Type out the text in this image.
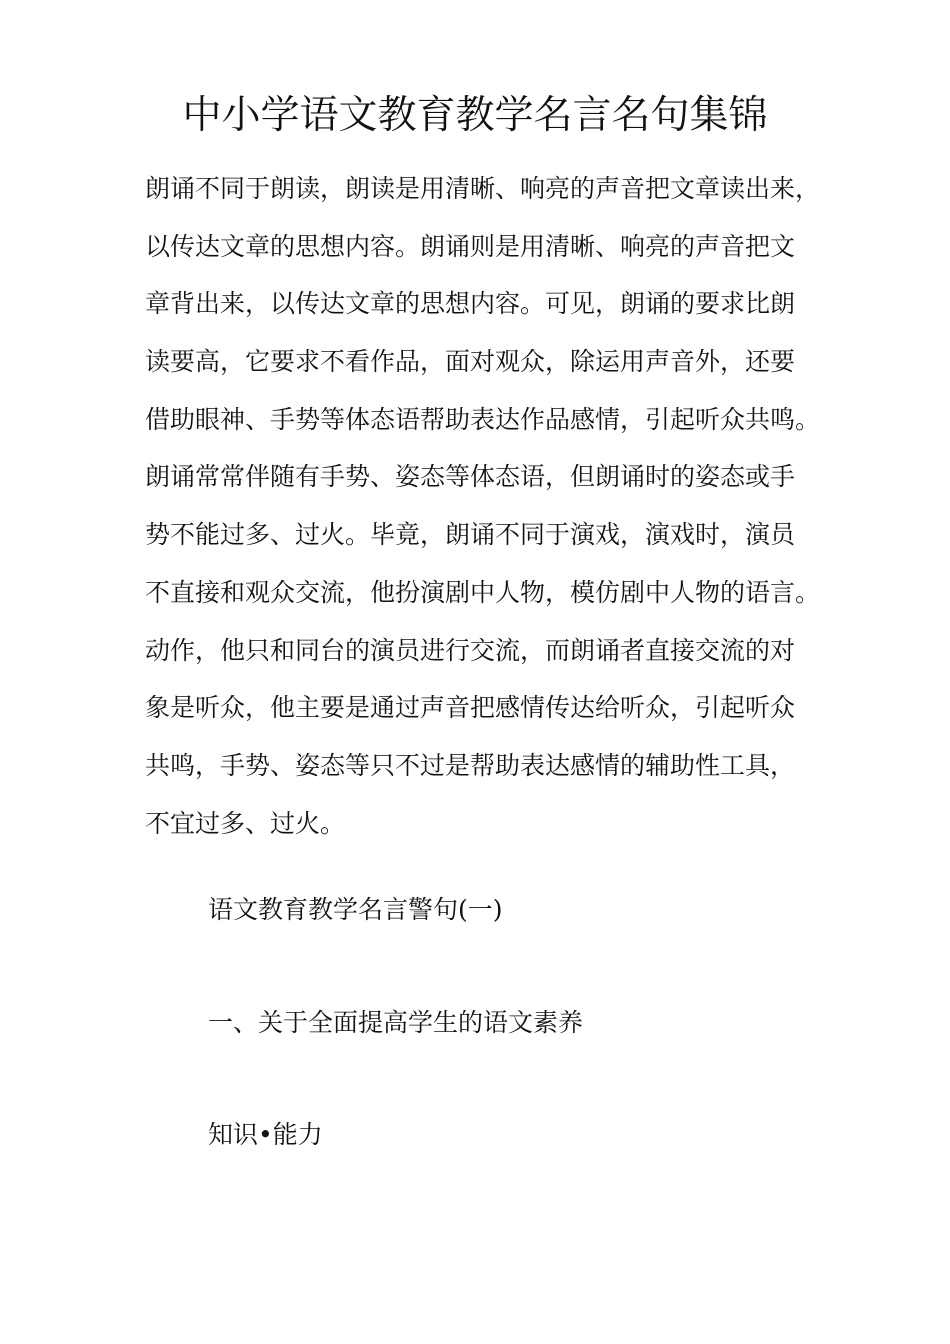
中小学语文教育教学名言名句集锦
朗诵不同于朗读，朗读是用清晰、响亮的声音把文章读出来，
以传达文章的思想内容。朗诵则是用清晰、响亮的声音把文
章背出来，以传达文章的思想内容。可见，朗诵的要求比朗
读要高，它要求不看作品，面对观众，除运用声音外，还要
借助眼神、手势等体态语帮助表达作品感情，引起听众共鸣。
朗诵常常伴随有手势、姿态等体态语，但朗诵时的姿态或手
势不能过多、过火。毕竟，朗诵不同于演戏，演戏时，演员
不直接和观众交流，他扮演剧中人物，模仿剧中人物的语言。
动作，他只和同台的演员进行交流，而朗诵者直接交流的对
象是听众，他主要是通过声音把感情传达给听众，引起听众
共鸣，手势、姿态等只不过是帮助表达感情的辅助性工具，
不宜过多、过火。

语文教育教学名言警句(一)

一、关于全面提高学生的语文素养

知识•能力
